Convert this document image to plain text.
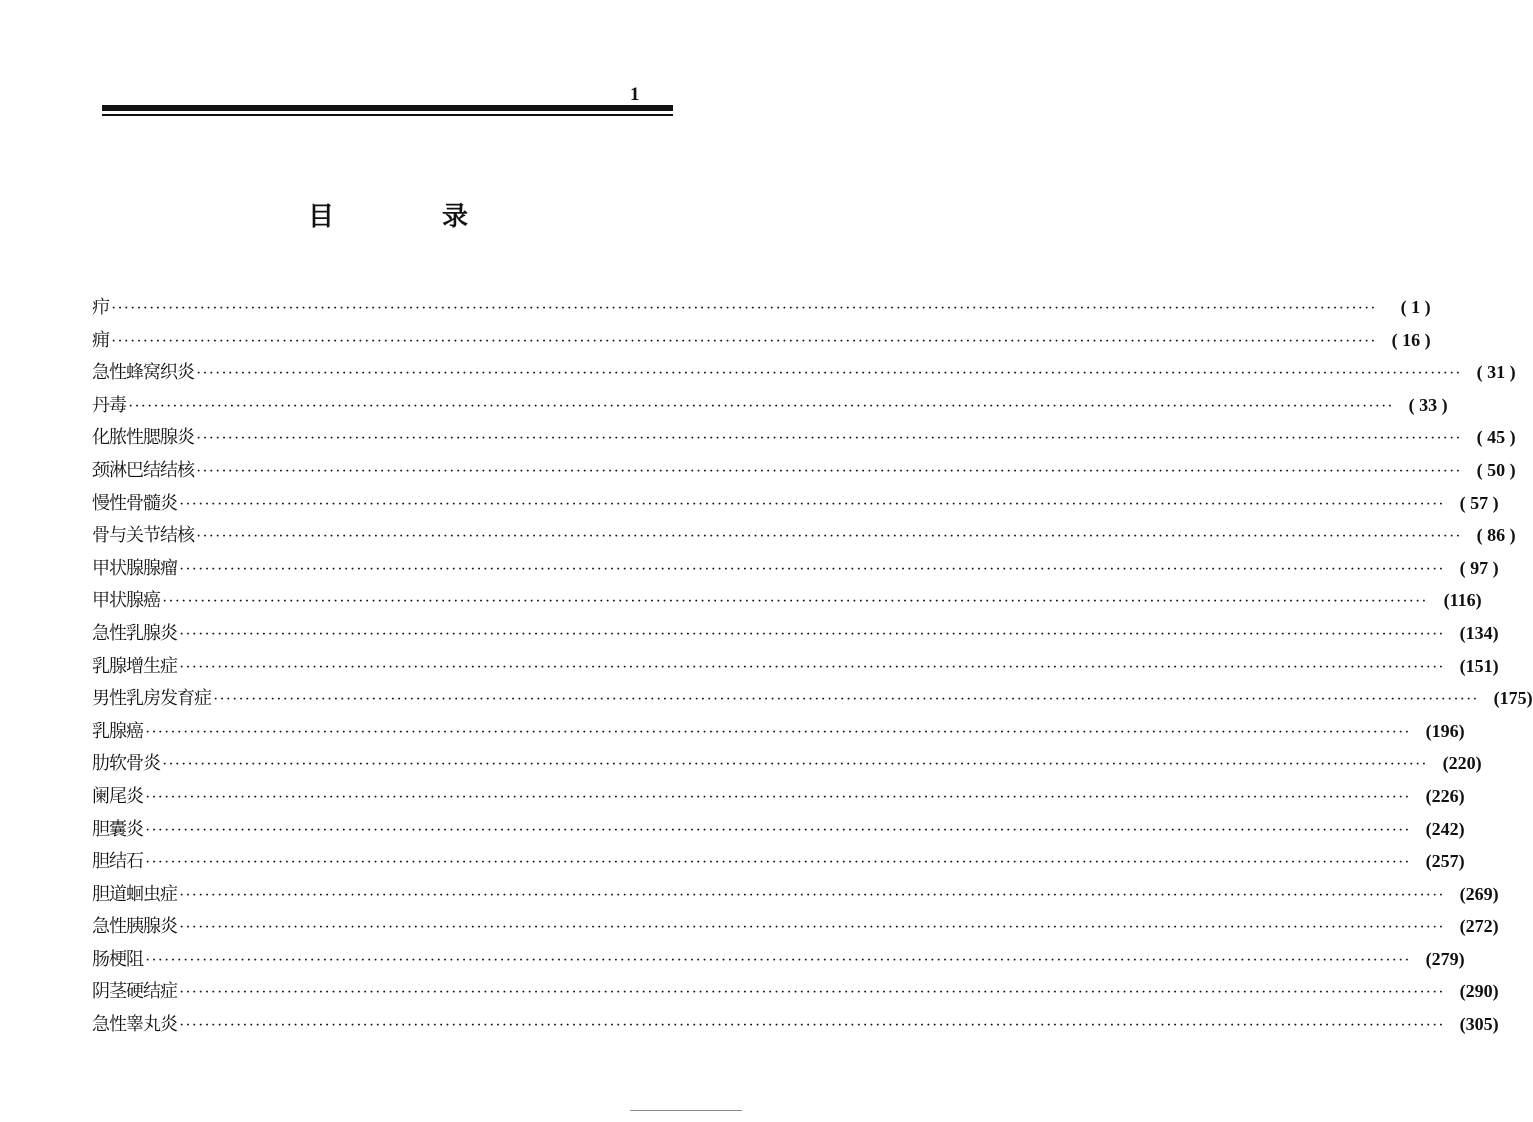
1
目	录
疖 ········································································································································································································	( 1 )
痈 ········································································································································································································ ( 16 )
急性蜂窝织炎 ········································································································································································································ ( 31 )
丹毒 ········································································································································································································ ( 33 )
化脓性腮腺炎 ········································································································································································································ ( 45 )
颈淋巴结结核 ········································································································································································································ ( 50 )
慢性骨髓炎 ········································································································································································································ ( 57 )
骨与关节结核 ········································································································································································································ ( 86 )
甲状腺腺瘤 ········································································································································································································ ( 97 )
甲状腺癌 ········································································································································································································ (116)
急性乳腺炎 ········································································································································································································ (134)
乳腺增生症 ········································································································································································································ (151)
男性乳房发育症 ········································································································································································································ (175)
乳腺癌 ········································································································································································································ (196)
肋软骨炎 ········································································································································································································ (220)
阑尾炎 ········································································································································································································ (226)
胆囊炎 ········································································································································································································ (242)
胆结石 ········································································································································································································ (257)
胆道蛔虫症 ········································································································································································································ (269)
急性胰腺炎 ········································································································································································································ (272)
肠梗阻 ········································································································································································································ (279)
阴茎硬结症 ········································································································································································································ (290)
急性睾丸炎 ········································································································································································································ (305)
